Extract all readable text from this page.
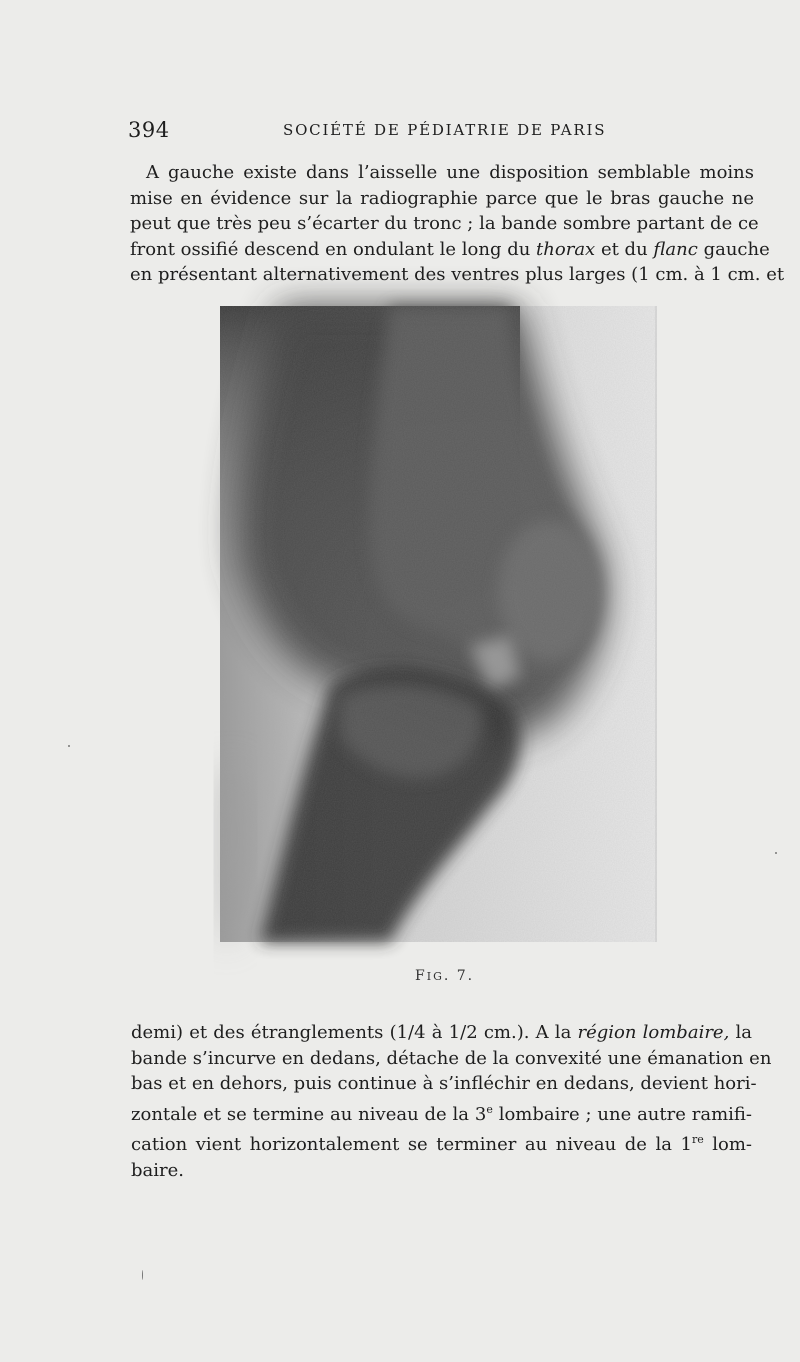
394	SOCIÉTÉ DE PÉDIATRIE DE PARIS

A gauche existe dans l’aisselle une disposition semblable moins
mise en évidence sur la radiographie parce que le bras gauche ne
peut que très peu s’écarter du tronc ; la bande sombre partant de ce
front ossifié descend en ondulant le long du thorax et du flanc gauche
en présentant alternativement des ventres plus larges (1 cm. à 1 cm. et

FIG. 7.

demi) et des étranglements (1/4 à 1/2 cm.). A la région lombaire, la
bande s’incurve en dedans, détache de la convexité une émanation en
bas et en dehors, puis continue à s’infléchir en dedans, devient hori-
zontale et se termine au niveau de la 3e lombaire ; une autre ramifi-
cation vient horizontalement se terminer au niveau de la 1re lom-
baire.
